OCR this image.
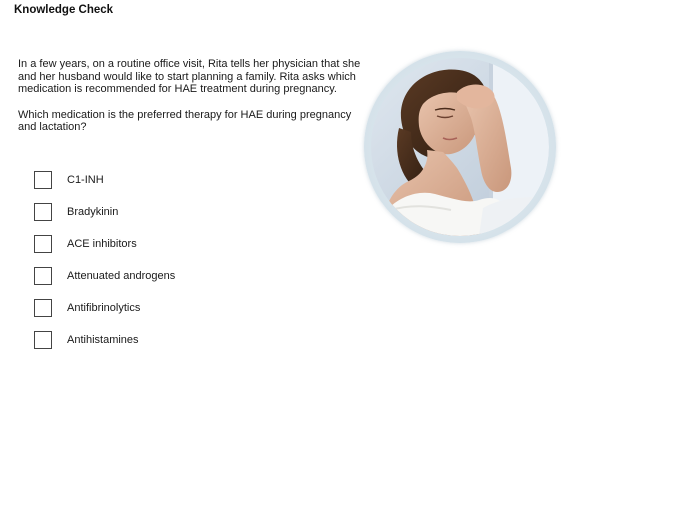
Knowledge Check

In a few years, on a routine office visit, Rita tells her physician that she and her husband would like to start planning a family. Rita asks which medication is recommended for HAE treatment during pregnancy.

Which medication is the preferred therapy for HAE during pregnancy and lactation?

C1-INH
Bradykinin
ACE inhibitors
Attenuated androgens
Antifibrinolytics
Antihistamines
